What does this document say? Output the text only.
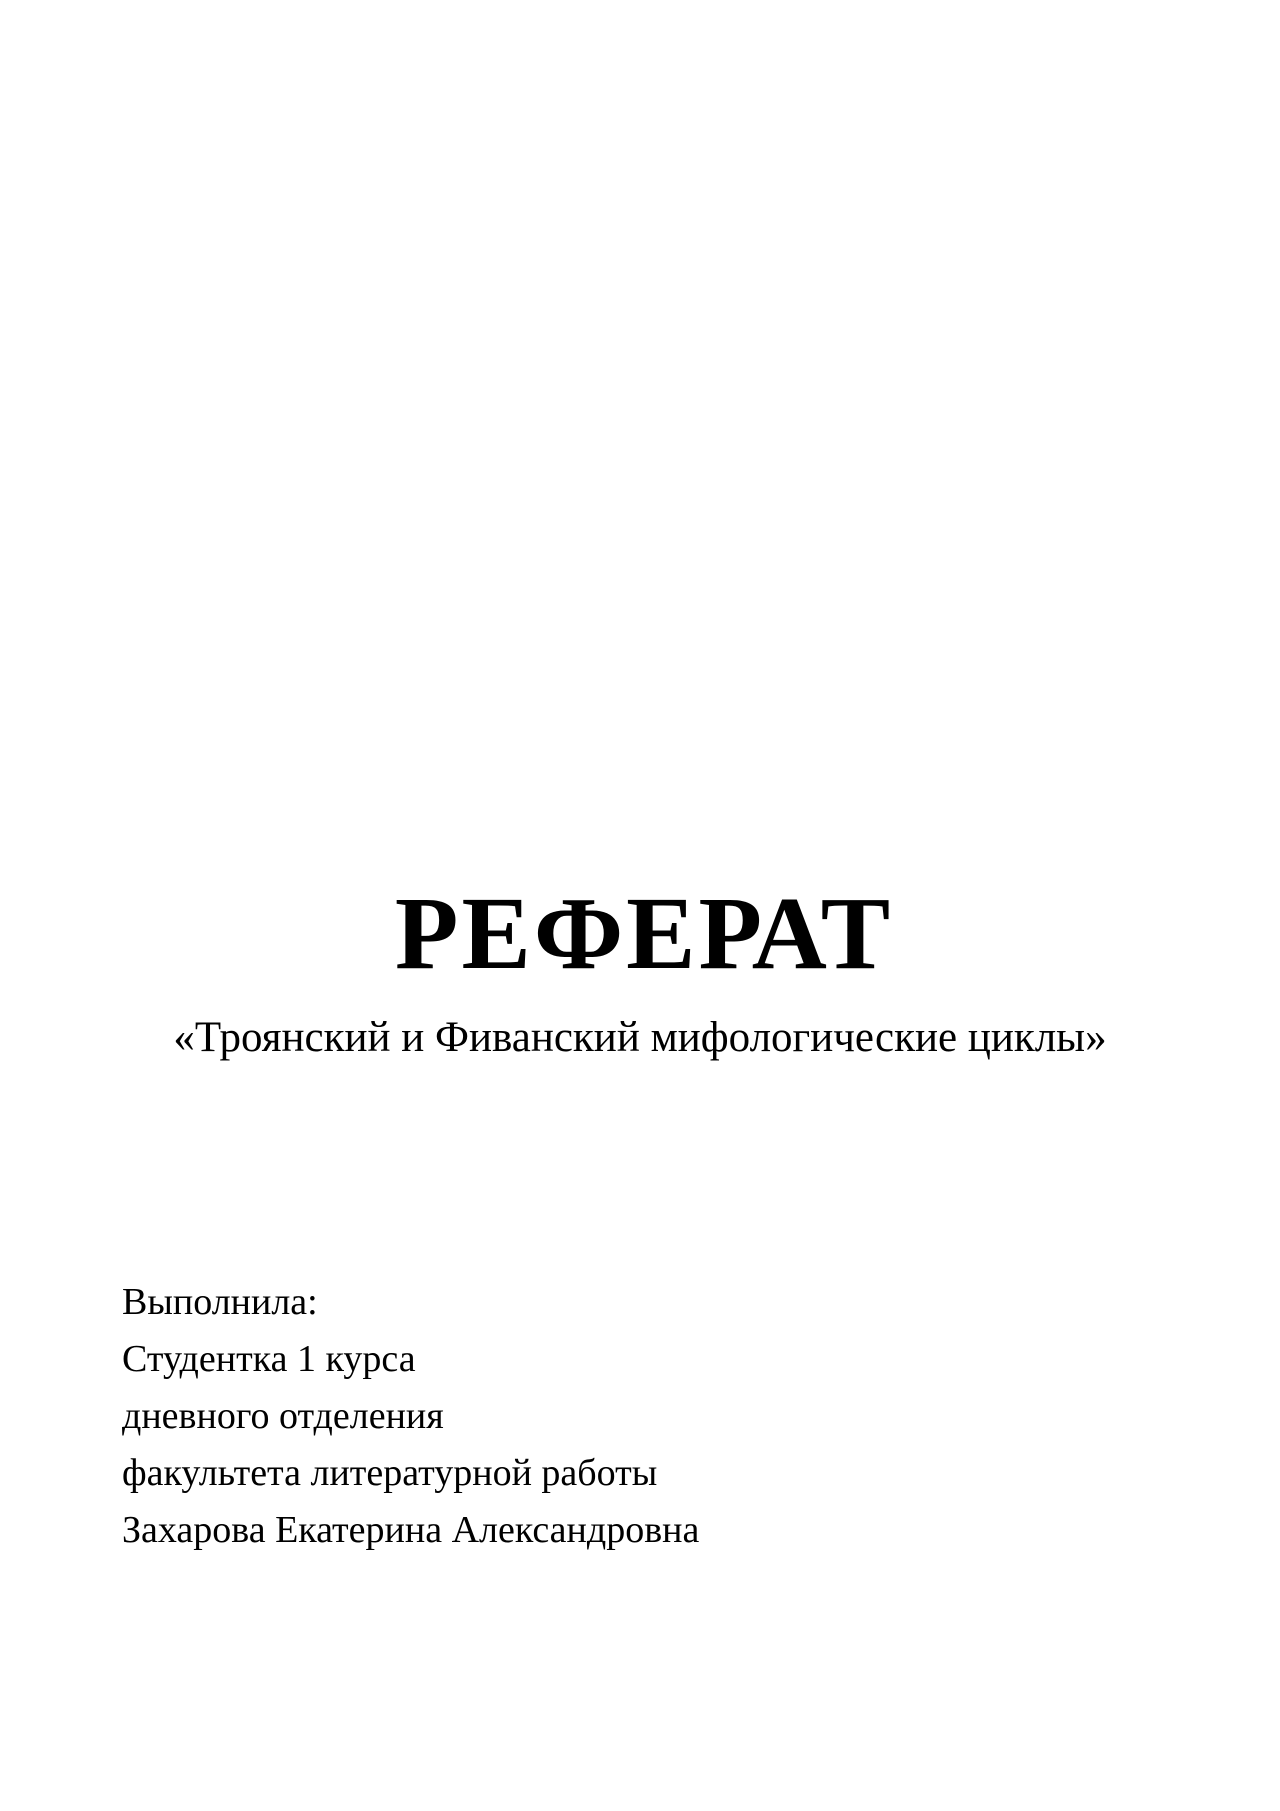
РЕФЕРАТ

«Троянский и Фиванский мифологические циклы»

Выполнила:
Студентка 1 курса
дневного отделения
факультета литературной работы
Захарова Екатерина Александровна
